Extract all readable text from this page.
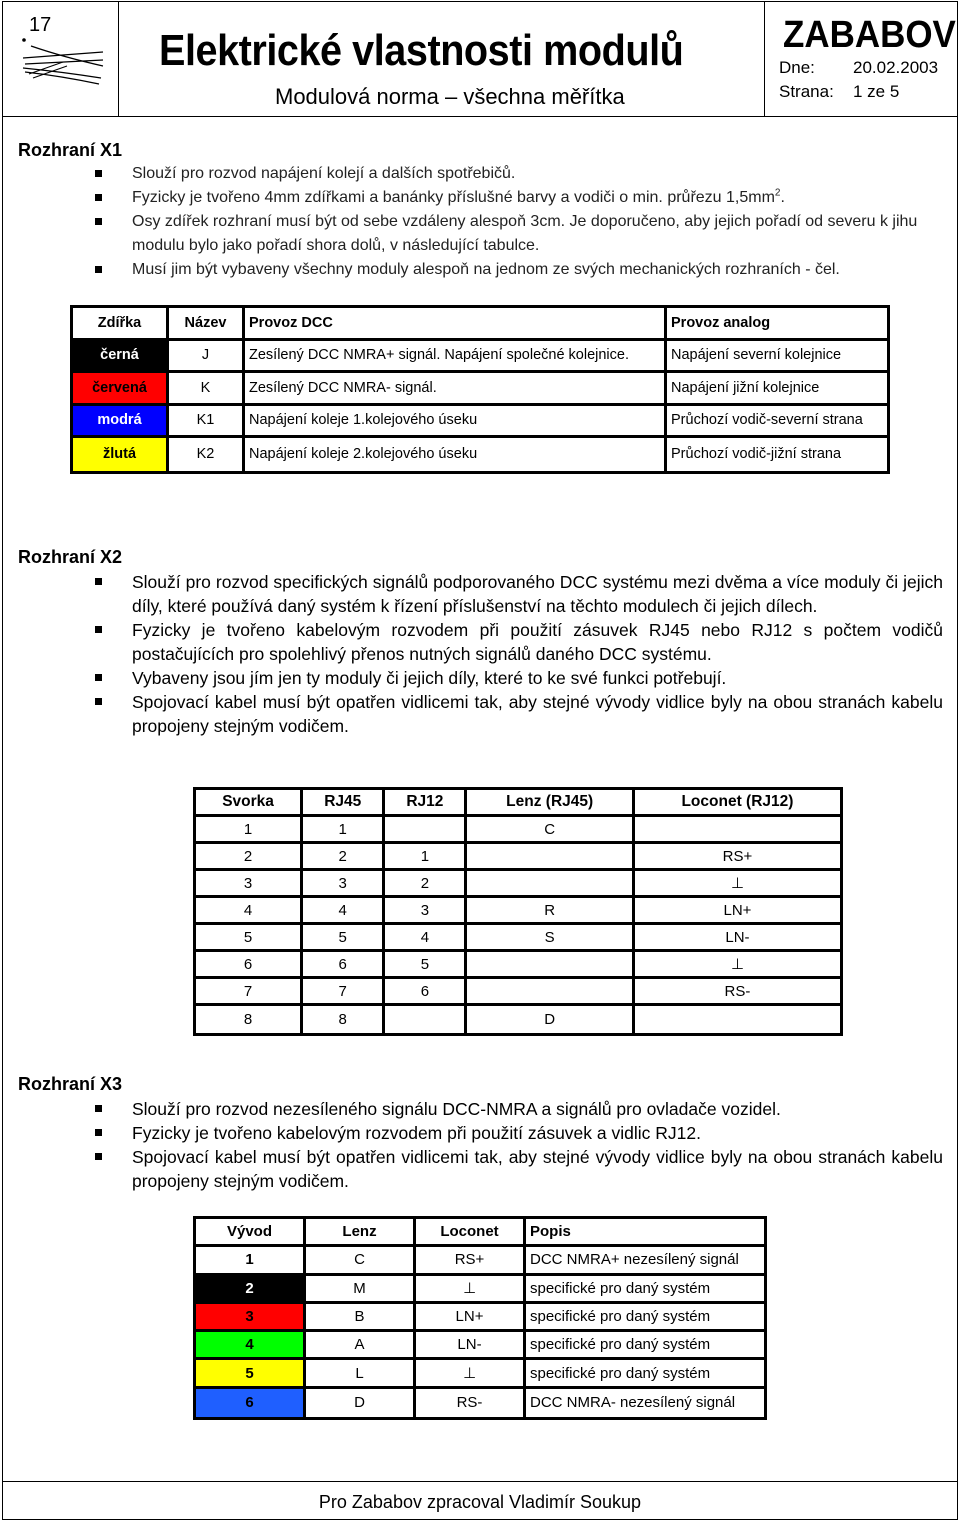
17
Elektrické vlastnosti modulů
Modulová norma – všechna měřítka
ZABABOV
Dne: 20.02.2003
Strana: 1 ze 5
Rozhraní X1
Slouží pro rozvod napájení kolejí a dalších spotřebičů.
Fyzicky je tvořeno 4mm zdířkami a banánky příslušné barvy a vodiči o min. průřezu $1,5mm^2$.
Osy zdířek rozhraní musí být od sebe vzdáleny alespoň 3cm. Je doporučeno, aby jejich pořadí od severu k jihu modulu bylo jako pořadí shora dolů, v následující tabulce.
Musí jim být vybaveny všechny moduly alespoň na jednom ze svých mechanických rozhraních - čel.
Zdířka	Název	Provoz DCC	Provoz analog
černá	J	Zesílený DCC NMRA+ signál. Napájení společné kolejnice.	Napájení severní kolejnice
červená	K	Zesílený DCC NMRA- signál.	Napájení jižní kolejnice
modrá	K1	Napájení koleje 1.kolejového úseku	Průchozí vodič-severní strana
žlutá	K2	Napájení koleje 2.kolejového úseku	Průchozí vodič-jižní strana
Rozhraní X2
Slouží pro rozvod specifických signálů podporovaného DCC systému mezi dvěma a více moduly či jejich díly, které používá daný systém k řízení příslušenství na těchto modulech či jejich dílech.
Fyzicky je tvořeno kabelovým rozvodem při použití zásuvek RJ45 nebo RJ12 s počtem vodičů postačujících pro spolehlivý přenos nutných signálů daného DCC systému.
Vybaveny jsou jím jen ty moduly či jejich díly, které to ke své funkci potřebují.
Spojovací kabel musí být opatřen vidlicemi tak, aby stejné vývody vidlice byly na obou stranách kabelu propojeny stejným vodičem.
Svorka	RJ45	RJ12	Lenz (RJ45)	Loconet (RJ12)
1	1		C	
2	2	1		RS+
3	3	2		⊥
4	4	3	R	LN+
5	5	4	S	LN-
6	6	5		⊥
7	7	6		RS-
8	8		D	
Rozhraní X3
Slouží pro rozvod nezesíleného signálu DCC-NMRA a signálů pro ovladače vozidel.
Fyzicky je tvořeno kabelovým rozvodem při použití zásuvek a vidlic RJ12.
Spojovací kabel musí být opatřen vidlicemi tak, aby stejné vývody vidlice byly na obou stranách kabelu propojeny stejným vodičem.
Vývod	Lenz	Loconet	Popis
1	C	RS+	DCC NMRA+ nezesílený signál
2	M	⊥	specifické pro daný systém
3	B	LN+	specifické pro daný systém
4	A	LN-	specifické pro daný systém
5	L	⊥	specifické pro daný systém
6	D	RS-	DCC NMRA- nezesílený signál
Pro Zababov zpracoval Vladimír Soukup
